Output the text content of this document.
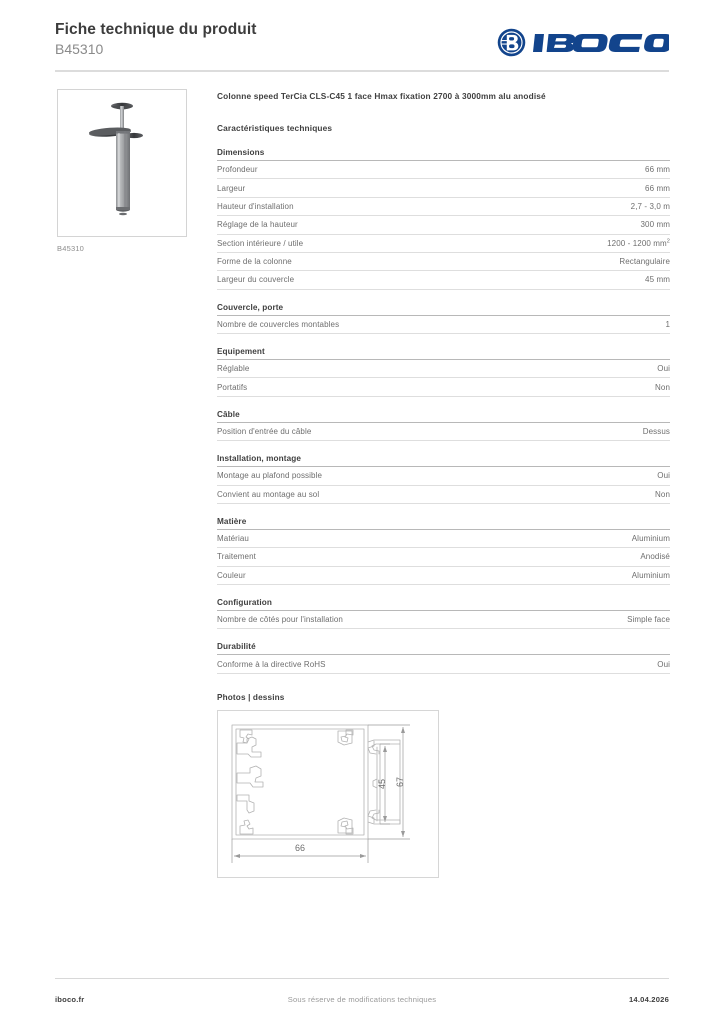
Fiche technique du produit
B45310
B45310
Colonne speed TerCia CLS-C45 1 face Hmax fixation 2700 à 3000mm alu anodisé
Caractéristiques techniques
Dimensions
Profondeur	66 mm
Largeur	66 mm
Hauteur d'installation	2,7 - 3,0 m
Réglage de la hauteur	300 mm
Section intérieure / utile	1200 - 1200 $mm^2$
Forme de la colonne	Rectangulaire
Largeur du couvercle	45 mm
Couvercle, porte
Nombre de couvercles montables	1
Equipement
Réglable	Oui
Portatifs	Non
Câble
Position d'entrée du câble	Dessus
Installation, montage
Montage au plafond possible	Oui
Convient au montage au sol	Non
Matière
Matériau	Aluminium
Traitement	Anodisé
Couleur	Aluminium
Configuration
Nombre de côtés pour l'installation	Simple face
Durabilité
Conforme à la directive RoHS	Oui
Photos | dessins
66
45 67
iboco.fr	Sous réserve de modifications techniques	14.04.2026
